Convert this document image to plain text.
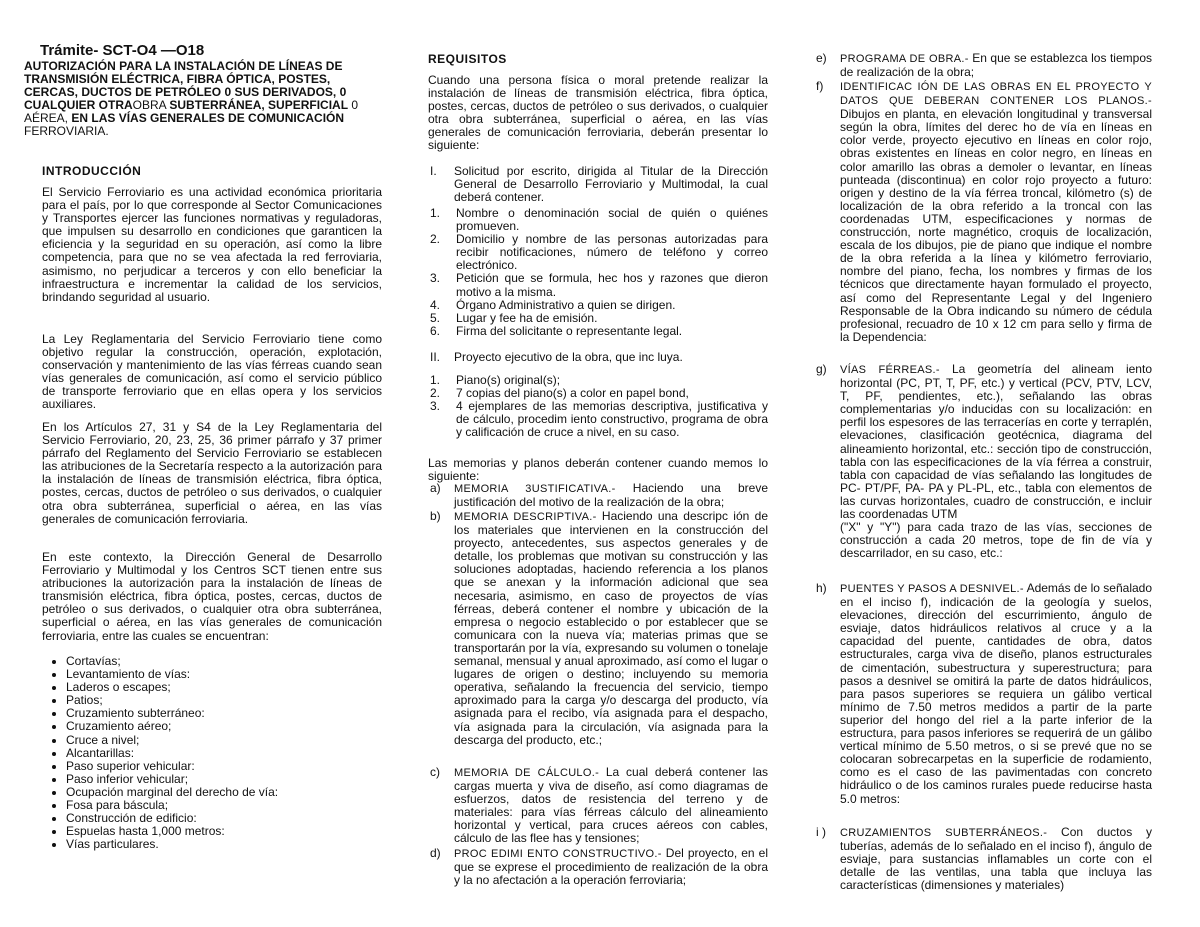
Trámite- SCT-O4 —O18
AUTORIZACIÓN PARA LA INSTALACIÓN DE LÍNEAS DE TRANSMISIÓN ELÉCTRICA, FIBRA ÓPTICA, POSTES, CERCAS, DUCTOS DE PETRÓLEO 0 SUS DERIVADOS, 0 CUALQUIER OTRAOBRA SUBTERRÁNEA, SUPERFICIAL 0 AÉREA, EN LAS VÍAS GENERALES DE COMUNICACIÓN FERROVIARIA.
INTRODUCCIÓN

El Servicio Ferroviario es una actividad económica prioritaria para el país, por lo que corresponde al Sector Comunicaciones y Transportes ejercer las funciones normativas y reguladoras, que impulsen su desarrollo en condiciones que garanticen la eficiencia y la seguridad en su operación, así como la libre competencia, para que no se vea afectada la red ferroviaria, asimismo, no perjudicar a terceros y con ello beneficiar la infraestructura e incrementar la calidad de los servicios, brindando seguridad al usuario.

La Ley Reglamentaria del Servicio Ferroviario tiene como objetivo regular la construcción, operación, explotación, conservación y mantenimiento de las vías férreas cuando sean vías generales de comunicación, así como el servicio público de transporte ferroviario que en ellas opera y los servicios auxiliares.

En los Artículos 27, 31 y S4 de la Ley Reglamentaria del Servicio Ferroviario, 20, 23, 25, 36 primer párrafo y 37 primer párrafo del Reglamento del Servicio Ferroviario se establecen las atribuciones de la Secretaría respecto a la autorización para la instalación de líneas de transmisión eléctrica, fibra óptica, postes, cercas, ductos de petróleo o sus derivados, o cualquier otra obra subterránea, superficial o aérea, en las vías generales de comunicación ferroviaria.

En este contexto, la Dirección General de Desarrollo Ferroviario y Multimodal y los Centros SCT tienen entre sus atribuciones la autorización para la instalación de líneas de transmisión eléctrica, fibra óptica, postes, cercas, ductos de petróleo o sus derivados, o cualquier otra obra subterránea, superficial o aérea, en las vías generales de comunicación ferroviaria, entre las cuales se encuentran:

• Cortavías;
• Levantamiento de vías:
• Laderos o escapes;
• Patios;
• Cruzamiento subterráneo:
• Cruzamiento aéreo;
• Cruce a nivel;
• Alcantarillas:
• Paso superior vehicular:
• Paso inferior vehicular;
• Ocupación marginal del derecho de vía:
• Fosa para báscula;
• Construcción de edificio:
• Espuelas hasta 1,000 metros:
• Vías particulares.
REQUISITOS

Cuando una persona física o moral pretende realizar la instalación de líneas de transmisión eléctrica, fibra óptica, postes, cercas, ductos de petróleo o sus derivados, o cualquier otra obra subterránea, superficial o aérea, en las vías generales de comunicación ferroviaria, deberán presentar lo siguiente:

I. Solicitud por escrito, dirigida al Titular de la Dirección General de Desarrollo Ferroviario y Multimodal, la cual deberá contener.
1. Nombre o denominación social de quién o quiénes promueven.
2. Domicilio y nombre de las personas autorizadas para recibir notificaciones, número de teléfono y correo electrónico.
3. Petición que se formula, hec hos y razones que dieron motivo a la misma.
4. Órgano Administrativo a quien se dirigen.
5. Lugar y fee ha de emisión.
6. Firma del solicitante o representante legal.
II. Proyecto ejecutivo de la obra, que inc luya.
1. Piano(s) original(s);
2. 7 copias del piano(s) a color en papel bond,
3. 4 ejemplares de las memorias descriptiva, justificativa y de cálculo, procedim iento constructivo, programa de obra y calificación de cruce a nivel, en su caso.

Las memorias y planos deberán contener cuando memos lo siguiente:

a) MEMORIA 3USTIFICATIVA.- Haciendo una breve justificación del motivo de la realización de la obra;
b) MEMORIA DESCRIPTIVA.- Haciendo una descripc ión de los materiales que intervienen en la construcción del proyecto, antecedentes, sus aspectos generales y de detalle, los problemas que motivan su construcción y las soluciones adoptadas, haciendo referencia a los planos que se anexan y la información adicional que sea necesaria, asimismo, en caso de proyectos de vías férreas, deberá contener el nombre y ubicación de la empresa o negocio establecido o por establecer que se comunicara con la nueva vía; materias primas que se transportarán por la vía, expresando su volumen o tonelaje semanal, mensual y anual aproximado, así como el lugar o lugares de origen o destino; incluyendo su memoria operativa, señalando la frecuencia del servicio, tiempo aproximado para la carga y/o descarga del producto, vía asignada para el recibo, vía asignada para el despacho, vía asignada para la circulación, vía asignada para la descarga del producto, etc.;
c) MEMORIA DE CÁLCULO.- La cual deberá contener las cargas muerta y viva de diseño, así como diagramas de esfuerzos, datos de resistencia del terreno y de materiales: para vías férreas cálculo del alineamiento horizontal y vertical, para cruces aéreos con cables, cálculo de las flee has y tensiones;
d) PROC EDIMI ENTO CONSTRUCTIVO.- Del proyecto, en el que se exprese el procedimiento de realización de la obra y la no afectación a la operación ferroviaria;
e) PROGRAMA DE OBRA.- En que se establezca los tiempos de realización de la obra;
f) IDENTIFICAC IÓN DE LAS OBRAS EN EL PROYECTO Y DATOS QUE DEBERAN CONTENER LOS PLANOS.- Dibujos en planta, en elevación longitudinal y transversal según la obra, límites del derec ho de vía en líneas en color verde, proyecto ejecutivo en líneas en color rojo, obras existentes en líneas en color negro, en líneas en color amarillo las obras a demoler o levantar, en líneas punteada (discontinua) en color rojo proyecto a futuro: origen y destino de la vía férrea troncal, kilómetro (s) de localización de la obra referido a la troncal con las coordenadas UTM, especificaciones y normas de construcción, norte magnético, croquis de localización, escala de los dibujos, pie de piano que indique el nombre de la obra referida a la línea y kilómetro ferroviario, nombre del piano, fecha, los nombres y firmas de los técnicos que directamente hayan formulado el proyecto, así como del Representante Legal y del Ingeniero Responsable de la Obra indicando su número de cédula profesional, recuadro de 10 x 12 cm para sello y firma de la Dependencia:
g) VÍAS FÉRREAS.- La geometría del alineam iento horizontal (PC, PT, T, PF, etc.) y vertical (PCV, PTV, LCV, T, PF, pendientes, etc.), señalando las obras complementarias y/o inducidas con su localización: en perfil los espesores de las terracerías en corte y terraplén, elevaciones, clasificación geotécnica, diagrama del alineamiento horizontal, etc.: sección tipo de construcción, tabla con las especificaciones de la vía férrea a construir, tabla con capacidad de vías señalando las longitudes de PC- PT/PF, PA- PA y PL-PL, etc., tabla con elementos de las curvas horizontales, cuadro de construcción, e incluir las coordenadas UTM
("X" y "Y") para cada trazo de las vías, secciones de construcción a cada 20 metros, tope de fin de vía y descarrilador, en su caso, etc.:
h) PUENTES Y PASOS A DESNIVEL.- Además de lo señalado en el inciso f), indicación de la geología y suelos, elevaciones, dirección del escurrimiento, ángulo de esviaje, datos hidráulicos relativos al cruce y a la capacidad del puente, cantidades de obra, datos estructurales, carga viva de diseño, planos estructurales de cimentación, subestructura y superestructura; para pasos a desnivel se omitirá la parte de datos hidráulicos, para pasos superiores se requiera un gálibo vertical mínimo de 7.50 metros medidos a partir de la parte superior del hongo del riel a la parte inferior de la estructura, para pasos inferiores se requerirá de un gálibo vertical mínimo de 5.50 metros, o si se prevé que no se colocaran sobrecarpetas en la superficie de rodamiento, como es el caso de las pavimentadas con concreto hidráulico o de los caminos rurales puede reducirse hasta 5.0 metros:
i ) CRUZAMIENTOS SUBTERRÁNEOS.- Con ductos y tuberías, además de lo señalado en el inciso f), ángulo de esviaje, para sustancias inflamables un corte con el detalle de las ventilas, una tabla que incluya las características (dimensiones y materiales)
